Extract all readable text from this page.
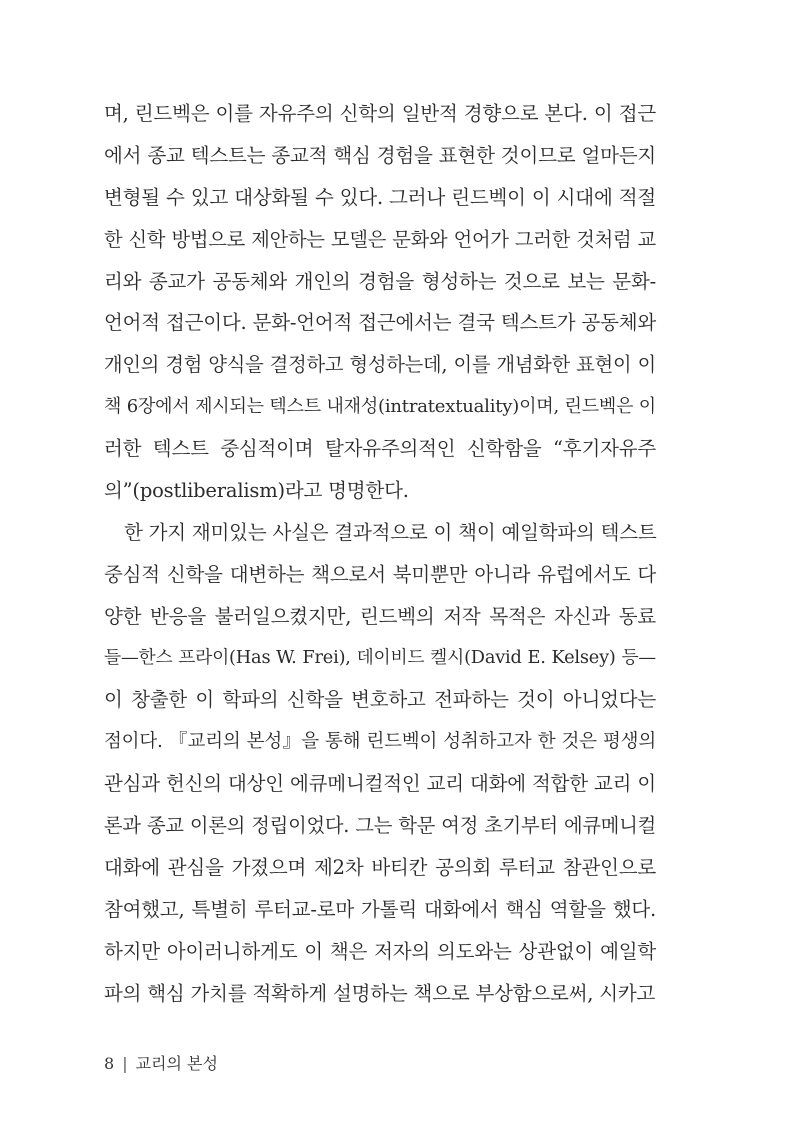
며, 린드벡은 이를 자유주의 신학의 일반적 경향으로 본다. 이 접근
에서 종교 텍스트는 종교적 핵심 경험을 표현한 것이므로 얼마든지
변형될 수 있고 대상화될 수 있다. 그러나 린드벡이 이 시대에 적절
한 신학 방법으로 제안하는 모델은 문화와 언어가 그러한 것처럼 교
리와 종교가 공동체와 개인의 경험을 형성하는 것으로 보는 문화-
언어적 접근이다. 문화-언어적 접근에서는 결국 텍스트가 공동체와
개인의 경험 양식을 결정하고 형성하는데, 이를 개념화한 표현이 이
책 6장에서 제시되는 텍스트 내재성(intratextuality)이며, 린드벡은 이
러한 텍스트 중심적이며 탈자유주의적인 신학함을 “후기자유주
의”(postliberalism)라고 명명한다.
한 가지 재미있는 사실은 결과적으로 이 책이 예일학파의 텍스트
중심적 신학을 대변하는 책으로서 북미뿐만 아니라 유럽에서도 다
양한 반응을 불러일으켰지만, 린드벡의 저작 목적은 자신과 동료
들—한스 프라이(Has W. Frei), 데이비드 켈시(David E. Kelsey) 등—
이 창출한 이 학파의 신학을 변호하고 전파하는 것이 아니었다는
점이다. 『교리의 본성』을 통해 린드벡이 성취하고자 한 것은 평생의
관심과 헌신의 대상인 에큐메니컬적인 교리 대화에 적합한 교리 이
론과 종교 이론의 정립이었다. 그는 학문 여정 초기부터 에큐메니컬
대화에 관심을 가졌으며 제2차 바티칸 공의회 루터교 참관인으로
참여했고, 특별히 루터교-로마 가톨릭 대화에서 핵심 역할을 했다.
하지만 아이러니하게도 이 책은 저자의 의도와는 상관없이 예일학
파의 핵심 가치를 적확하게 설명하는 책으로 부상함으로써, 시카고
8 | 교리의 본성
